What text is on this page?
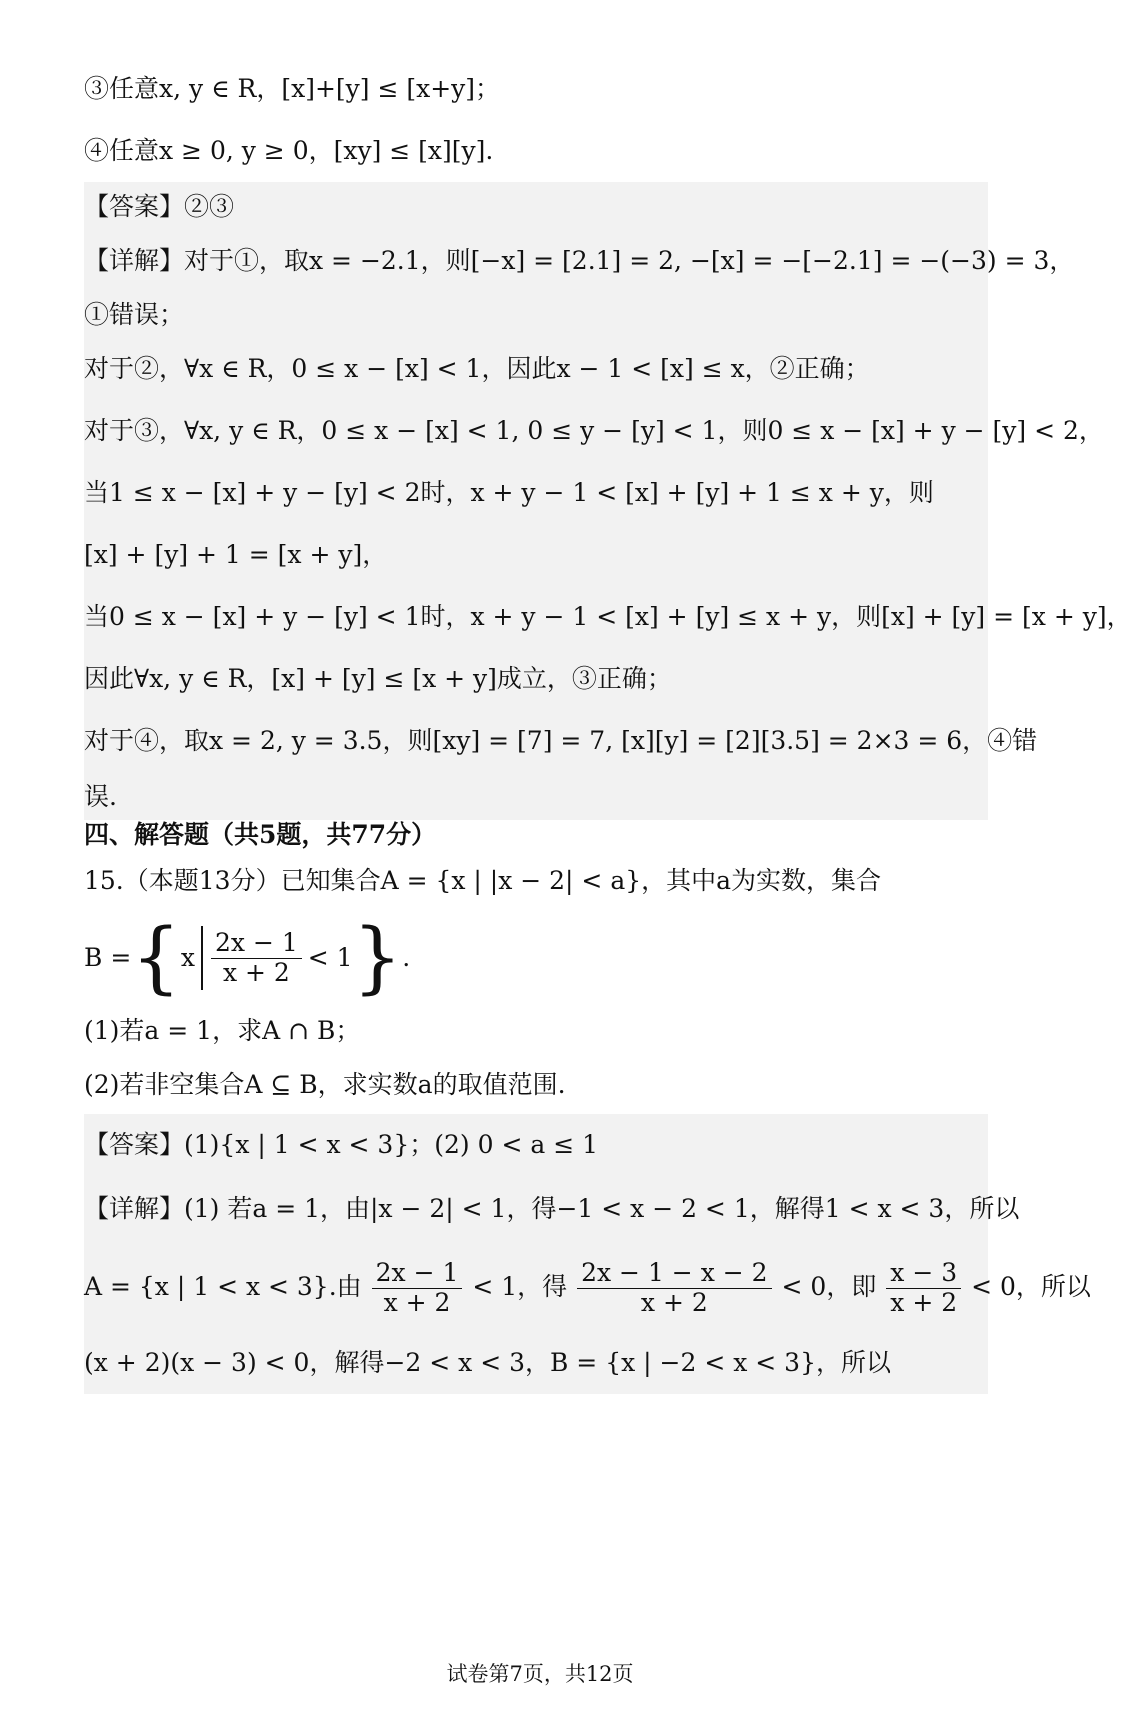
③任意x, y ∈ R，[x]+[y] ≤ [x+y]；
④任意x ≥ 0, y ≥ 0，[xy] ≤ [x][y].
【答案】②③
【详解】对于①，取x = −2.1，则[−x] = [2.1] = 2, −[x] = −[−2.1] = −(−3) = 3，
①错误；
对于②，∀x ∈ R，0 ≤ x − [x] < 1，因此x − 1 < [x] ≤ x，②正确；
对于③，∀x, y ∈ R，0 ≤ x − [x] < 1, 0 ≤ y − [y] < 1，则0 ≤ x − [x] + y − [y] < 2，
当1 ≤ x − [x] + y − [y] < 2时，x + y − 1 < [x] + [y] + 1 ≤ x + y，则
[x] + [y] + 1 = [x + y]，
当0 ≤ x − [x] + y − [y] < 1时，x + y − 1 < [x] + [y] ≤ x + y，则[x] + [y] = [x + y]，
因此∀x, y ∈ R，[x] + [y] ≤ [x + y]成立，③正确；
对于④，取x = 2, y = 3.5，则[xy] = [7] = 7, [x][y] = [2][3.5] = 2×3 = 6，④错
误.
四、解答题（共5题，共77分）
15.（本题13分）已知集合A = {x | |x − 2| < a}，其中a为实数，集合
B = { x $\frac{2x - 1}{x + 2} < 1$ } .
(1)若a = 1，求A ∩ B；
(2)若非空集合A ⊆ B，求实数a的取值范围.
【答案】(1){x | 1 < x < 3}；(2) 0 < a ≤ 1
【详解】(1) 若a = 1，由|x − 2| < 1，得−1 < x − 2 < 1，解得1 < x < 3，所以
A = {x | 1 < x < 3}.由 $\frac{2x - 1}{x + 2} < 1$，得 $\frac{2x - 1 - x - 2}{x + 2} < 0$，即 $\frac{x - 3}{x + 2} < 0$，所以
(x + 2)(x − 3) < 0，解得−2 < x < 3，B = {x | −2 < x < 3}，所以
试卷第7页，共12页
